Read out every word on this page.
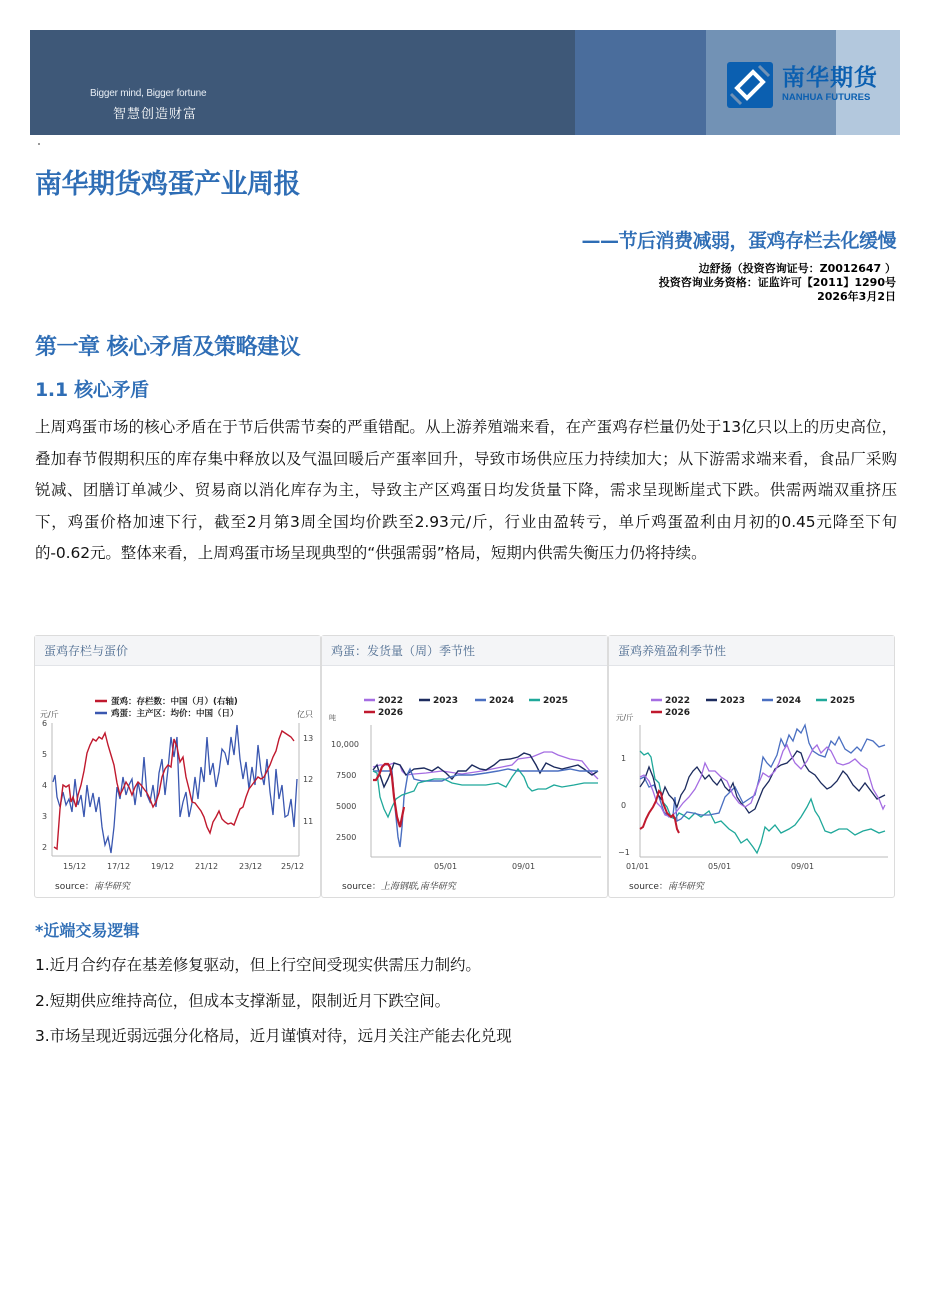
Bigger mind, Bigger fortune
智慧创造财富
南华期货
NANHUA FUTURES
南华期货鸡蛋产业周报
——节后消费减弱，蛋鸡存栏去化缓慢
边舒扬（投资咨询证号：Z0012647 ）
投资咨询业务资格：证监许可【2011】1290号
2026年3月2日
第一章 核心矛盾及策略建议
1.1 核心矛盾
上周鸡蛋市场的核心矛盾在于节后供需节奏的严重错配。从上游养殖端来看，在产蛋鸡存栏量仍处于13亿只以上的历史高位，叠加春节假期积压的库存集中释放以及气温回暖后产蛋率回升，导致市场供应压力持续加大；从下游需求端来看，食品厂采购锐减、团膳订单减少、贸易商以消化库存为主，导致主产区鸡蛋日均发货量下降，需求呈现断崖式下跌。供需两端双重挤压下，鸡蛋价格加速下行，截至2月第3周全国均价跌至2.93元/斤，行业由盈转亏，单斤鸡蛋盈利由月初的0.45元降至下旬的-0.62元。整体来看，上周鸡蛋市场呈现典型的“供强需弱”格局，短期内供需失衡压力仍将持续。
蛋鸡存栏与蛋价
蛋鸡：存栏数：中国（月）(右轴)
鸡蛋：主产区：均价：中国（日）
元/斤	亿只
6
5
4
3
2
13
12
11
15/12	17/12	19/12	21/12	23/12 25/12
source：南华研究
鸡蛋：发货量（周）季节性
2022	2023	2024	2025
2026
吨
10,000
7500
5000
2500
05/01	09/01
source：上海钢联,南华研究
蛋鸡养殖盈利季节性
2022	2023	2024	2025
2026
元/斤
1
0
−1
01/01	05/01	09/01
source：南华研究
*近端交易逻辑
1.近月合约存在基差修复驱动，但上行空间受现实供需压力制约。
2.短期供应维持高位，但成本支撑渐显，限制近月下跌空间。
3.市场呈现近弱远强分化格局，近月谨慎对待，远月关注产能去化兑现
